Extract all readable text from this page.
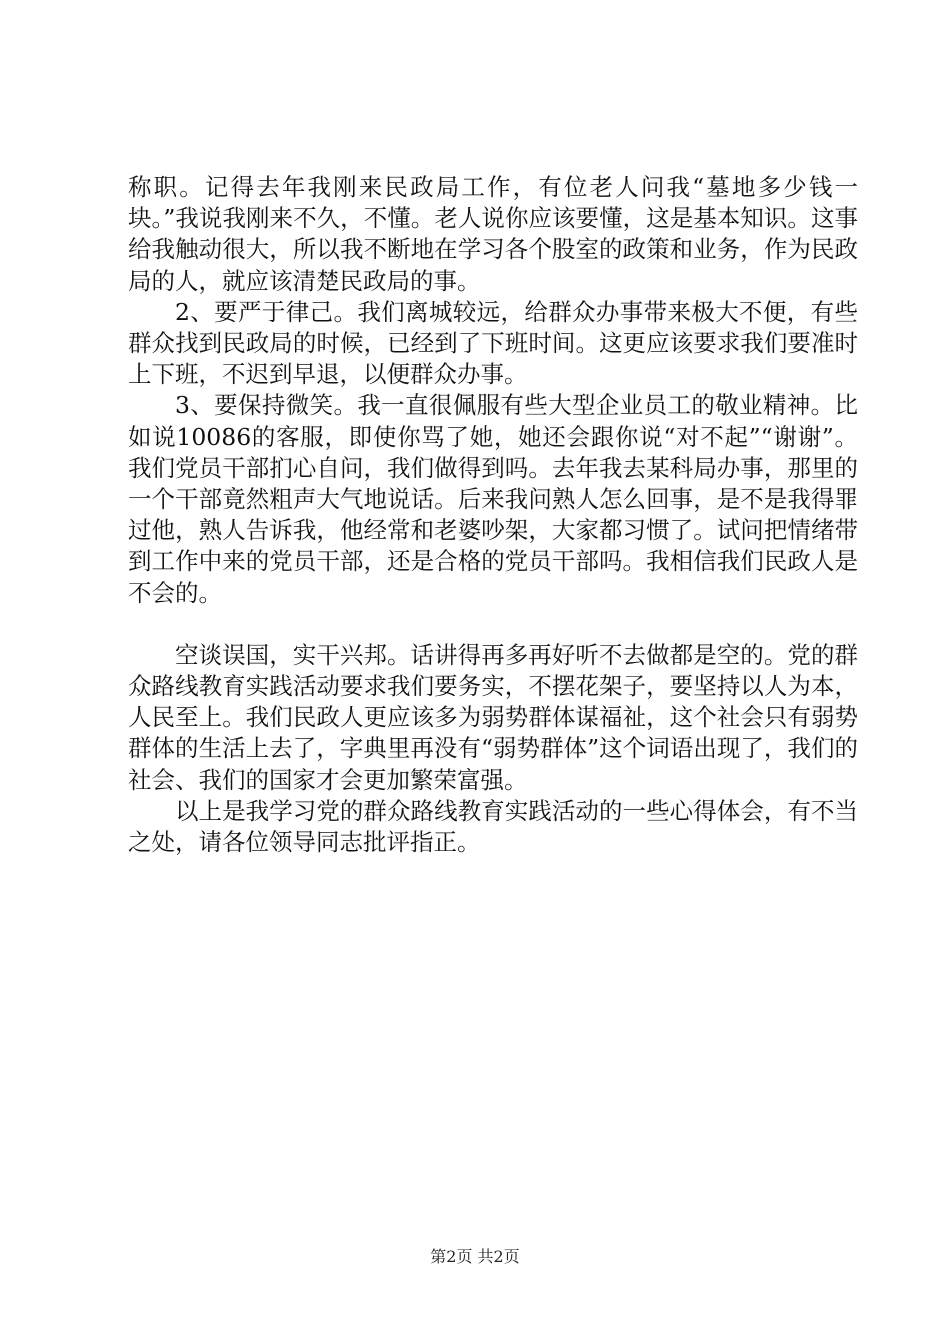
称职。记得去年我刚来民政局工作，有位老人问我“墓地多少钱一块。”我说我刚来不久，不懂。老人说你应该要懂，这是基本知识。这事给我触动很大，所以我不断地在学习各个股室的政策和业务，作为民政局的人，就应该清楚民政局的事。

2、要严于律己。我们离城较远，给群众办事带来极大不便，有些群众找到民政局的时候，已经到了下班时间。这更应该要求我们要准时上下班，不迟到早退，以便群众办事。

3、要保持微笑。我一直很佩服有些大型企业员工的敬业精神。比如说10086的客服，即使你骂了她，她还会跟你说“对不起”“谢谢”。我们党员干部扪心自问，我们做得到吗。去年我去某科局办事，那里的一个干部竟然粗声大气地说话。后来我问熟人怎么回事，是不是我得罪过他，熟人告诉我，他经常和老婆吵架，大家都习惯了。试问把情绪带到工作中来的党员干部，还是合格的党员干部吗。我相信我们民政人是不会的。

空谈误国，实干兴邦。话讲得再多再好听不去做都是空的。党的群众路线教育实践活动要求我们要务实，不摆花架子，要坚持以人为本，人民至上。我们民政人更应该多为弱势群体谋福祉，这个社会只有弱势群体的生活上去了，字典里再没有“弱势群体”这个词语出现了，我们的社会、我们的国家才会更加繁荣富强。

以上是我学习党的群众路线教育实践活动的一些心得体会，有不当之处，请各位领导同志批评指正。

第2页 共2页
